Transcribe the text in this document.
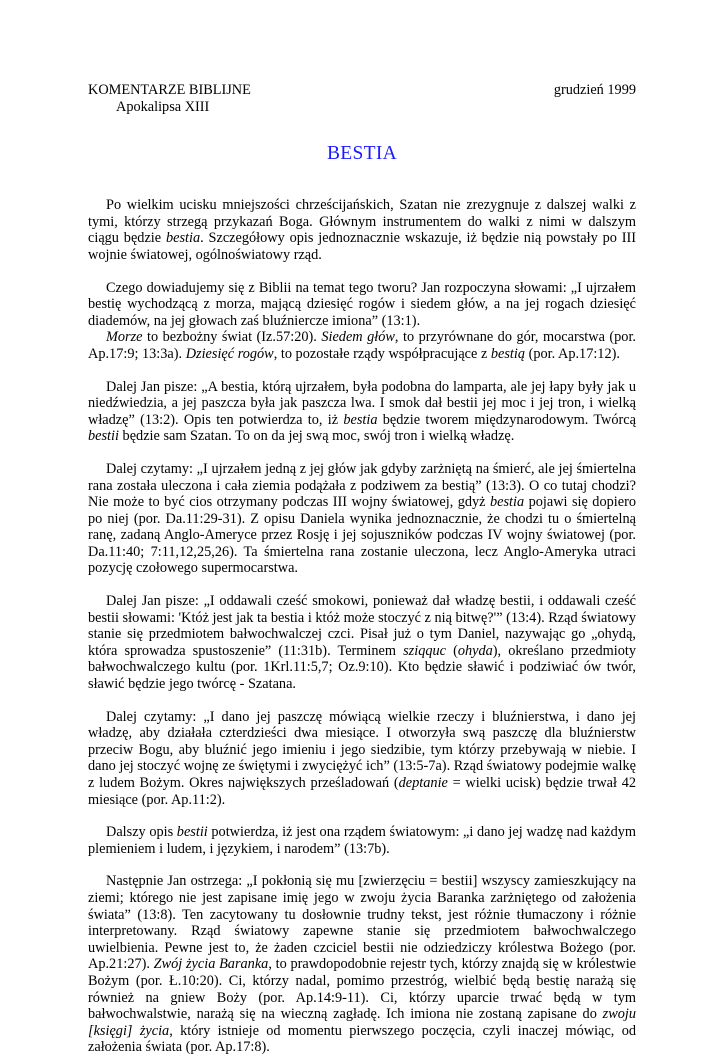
KOMENTARZE BIBLIJNE	grudzień 1999
Apokalipsa XIII
BESTIA

Po wielkim ucisku mniejszości chrześcijańskich, Szatan nie zrezygnuje z dalszej walki z tymi, którzy strzegą przykazań Boga. Głównym instrumentem do walki z nimi w dalszym ciągu będzie bestia. Szczegółowy opis jednoznacznie wskazuje, iż będzie nią powstały po III wojnie światowej, ogólnoświatowy rząd.

Czego dowiadujemy się z Biblii na temat tego tworu? Jan rozpoczyna słowami: „I ujrzałem bestię wychodzącą z morza, mającą dziesięć rogów i siedem głów, a na jej rogach dziesięć diademów, na jej głowach zaś bluźniercze imiona” (13:1).

Morze to bezbożny świat (Iz.57:20). Siedem głów, to przyrównane do gór, mocarstwa (por. Ap.17:9; 13:3a). Dziesięć rogów, to pozostałe rządy współpracujące z bestią (por. Ap.17:12).

Dalej Jan pisze: „A bestia, którą ujrzałem, była podobna do lamparta, ale jej łapy były jak u niedźwiedzia, a jej paszcza była jak paszcza lwa. I smok dał bestii jej moc i jej tron, i wielką władzę” (13:2). Opis ten potwierdza to, iż bestia będzie tworem międzynarodowym. Twórcą bestii będzie sam Szatan. To on da jej swą moc, swój tron i wielką władzę.

Dalej czytamy: „I ujrzałem jedną z jej głów jak gdyby zarżniętą na śmierć, ale jej śmiertelna rana została uleczona i cała ziemia podążała z podziwem za bestią” (13:3). O co tutaj chodzi? Nie może to być cios otrzymany podczas III wojny światowej, gdyż bestia pojawi się dopiero po niej (por. Da.11:29-31). Z opisu Daniela wynika jednoznacznie, że chodzi tu o śmiertelną ranę, zadaną Anglo-Ameryce przez Rosję i jej sojuszników podczas IV wojny światowej (por. Da.11:40; 7:11,12,25,26). Ta śmiertelna rana zostanie uleczona, lecz Anglo-Ameryka utraci pozycję czołowego supermocarstwa.

Dalej Jan pisze: „I oddawali cześć smokowi, ponieważ dał władzę bestii, i oddawali cześć bestii słowami: 'Któż jest jak ta bestia i któż może stoczyć z nią bitwę?'” (13:4). Rząd światowy stanie się przedmiotem bałwochwalczej czci. Pisał już o tym Daniel, nazywając go „ohydą, która sprowadza spustoszenie” (11:31b). Terminem sziqquc (ohyda), określano przedmioty bałwochwalczego kultu (por. 1Krl.11:5,7; Oz.9:10). Kto będzie sławić i podziwiać ów twór, sławić będzie jego twórcę - Szatana.

Dalej czytamy: „I dano jej paszczę mówiącą wielkie rzeczy i bluźnierstwa, i dano jej władzę, aby działała czterdzieści dwa miesiące. I otworzyła swą paszczę dla bluźnierstw przeciw Bogu, aby bluźnić jego imieniu i jego siedzibie, tym którzy przebywają w niebie. I dano jej stoczyć wojnę ze świętymi i zwyciężyć ich” (13:5-7a). Rząd światowy podejmie walkę z ludem Bożym. Okres największych prześladowań (deptanie = wielki ucisk) będzie trwał 42 miesiące (por. Ap.11:2).

Dalszy opis bestii potwierdza, iż jest ona rządem światowym: „i dano jej wadzę nad każdym plemieniem i ludem, i językiem, i narodem” (13:7b).

Następnie Jan ostrzega: „I pokłonią się mu [zwierzęciu = bestii] wszyscy zamieszkujący na ziemi; którego nie jest zapisane imię jego w zwoju życia Baranka zarżniętego od założenia świata” (13:8). Ten zacytowany tu dosłownie trudny tekst, jest różnie tłumaczony i różnie interpretowany. Rząd światowy zapewne stanie się przedmiotem bałwochwalczego uwielbienia. Pewne jest to, że żaden czciciel bestii nie odziedziczy królestwa Bożego (por. Ap.21:27). Zwój życia Baranka, to prawdopodobnie rejestr tych, którzy znajdą się w królestwie Bożym (por. Ł.10:20). Ci, którzy nadal, pomimo przestróg, wielbić będą bestię narażą się również na gniew Boży (por. Ap.14:9-11). Ci, którzy uparcie trwać będą w tym bałwochwalstwie, narażą się na wieczną zagładę. Ich imiona nie zostaną zapisane do zwoju [księgi] życia, który istnieje od momentu pierwszego poczęcia, czyli inaczej mówiąc, od założenia świata (por. Ap.17:8).
